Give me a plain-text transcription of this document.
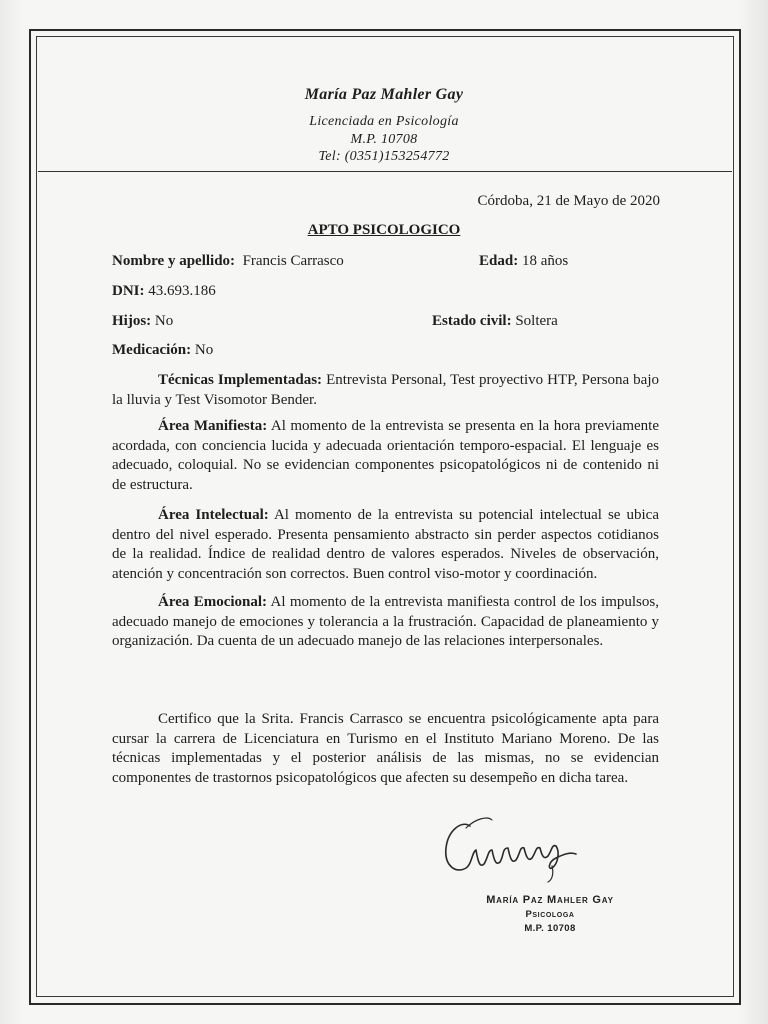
María Paz Mahler Gay
Licenciada en Psicología
M.P. 10708
Tel: (0351)153254772
Córdoba, 21 de Mayo de 2020
APTO PSICOLOGICO
Nombre y apellido: Francis Carrasco	Edad: 18 años
DNI: 43.693.186
Hijos: No	Estado civil: Soltera
Medicación: No
Técnicas Implementadas: Entrevista Personal, Test proyectivo HTP, Persona bajo la lluvia y Test Visomotor Bender.
Área Manifiesta: Al momento de la entrevista se presenta en la hora previamente acordada, con conciencia lucida y adecuada orientación temporo-espacial. El lenguaje es adecuado, coloquial. No se evidencian componentes psicopatológicos ni de contenido ni de estructura.
Área Intelectual: Al momento de la entrevista su potencial intelectual se ubica dentro del nivel esperado. Presenta pensamiento abstracto sin perder aspectos cotidianos de la realidad. Índice de realidad dentro de valores esperados. Niveles de observación, atención y concentración son correctos. Buen control viso-motor y coordinación.
Área Emocional: Al momento de la entrevista manifiesta control de los impulsos, adecuado manejo de emociones y tolerancia a la frustración. Capacidad de planeamiento y organización. Da cuenta de un adecuado manejo de las relaciones interpersonales.
Certifico que la Srita. Francis Carrasco se encuentra psicológicamente apta para cursar la carrera de Licenciatura en Turismo en el Instituto Mariano Moreno. De las técnicas implementadas y el posterior análisis de las mismas, no se evidencian componentes de trastornos psicopatológicos que afecten su desempeño en dicha tarea.
María Paz Mahler Gay
Psicologa
M.P. 10708
